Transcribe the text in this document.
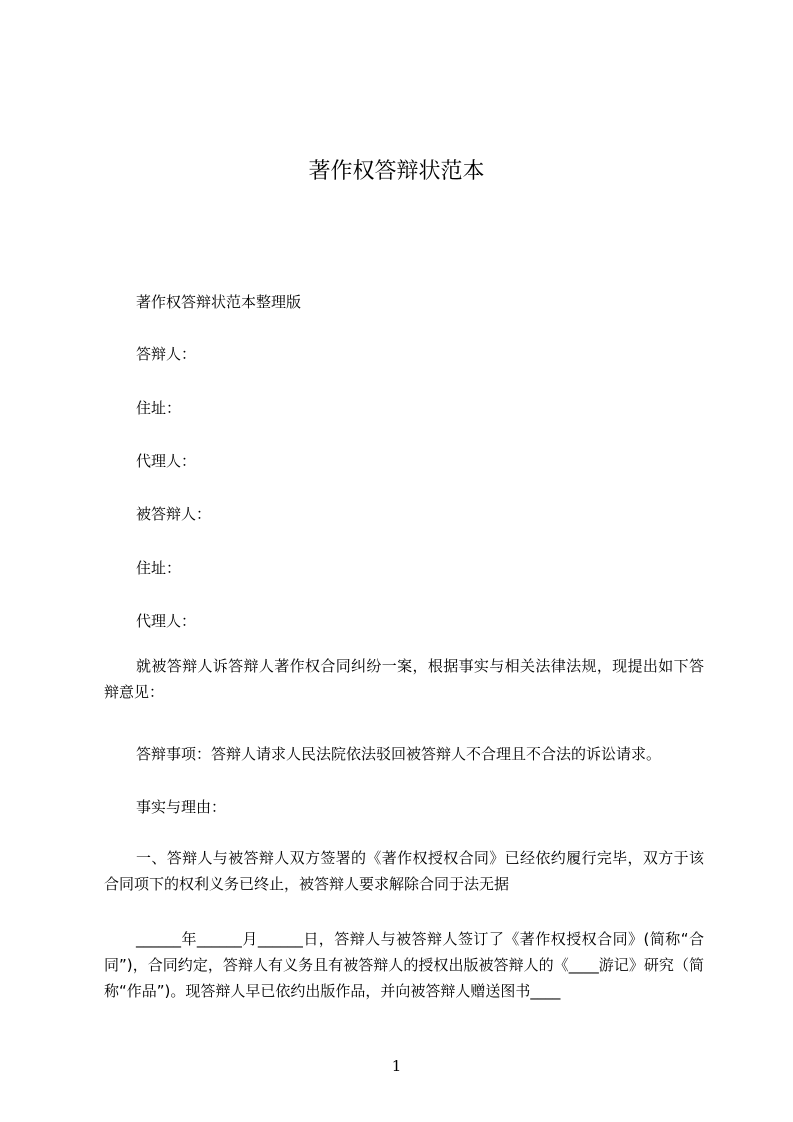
著作权答辩状范本
著作权答辩状范本整理版
答辩人：
住址：
代理人：
被答辩人：
住址：
代理人：

就被答辩人诉答辩人著作权合同纠纷一案，根据事实与相关法律法规，现提出如下答辩意见：

答辩事项：答辩人请求人民法院依法驳回被答辩人不合理且不合法的诉讼请求。
事实与理由：

一、答辩人与被答辩人双方签署的《著作权授权合同》已经依约履行完毕，双方于该合同项下的权利义务已终止，被答辩人要求解除合同于法无据

______年______月______日，答辩人与被答辩人签订了《著作权授权合同》(简称“合同”)，合同约定，答辩人有义务且有被答辩人的授权出版被答辩人的《____游记》研究（简称“作品”)。现答辩人早已依约出版作品，并向被答辩人赠送图书____

1
